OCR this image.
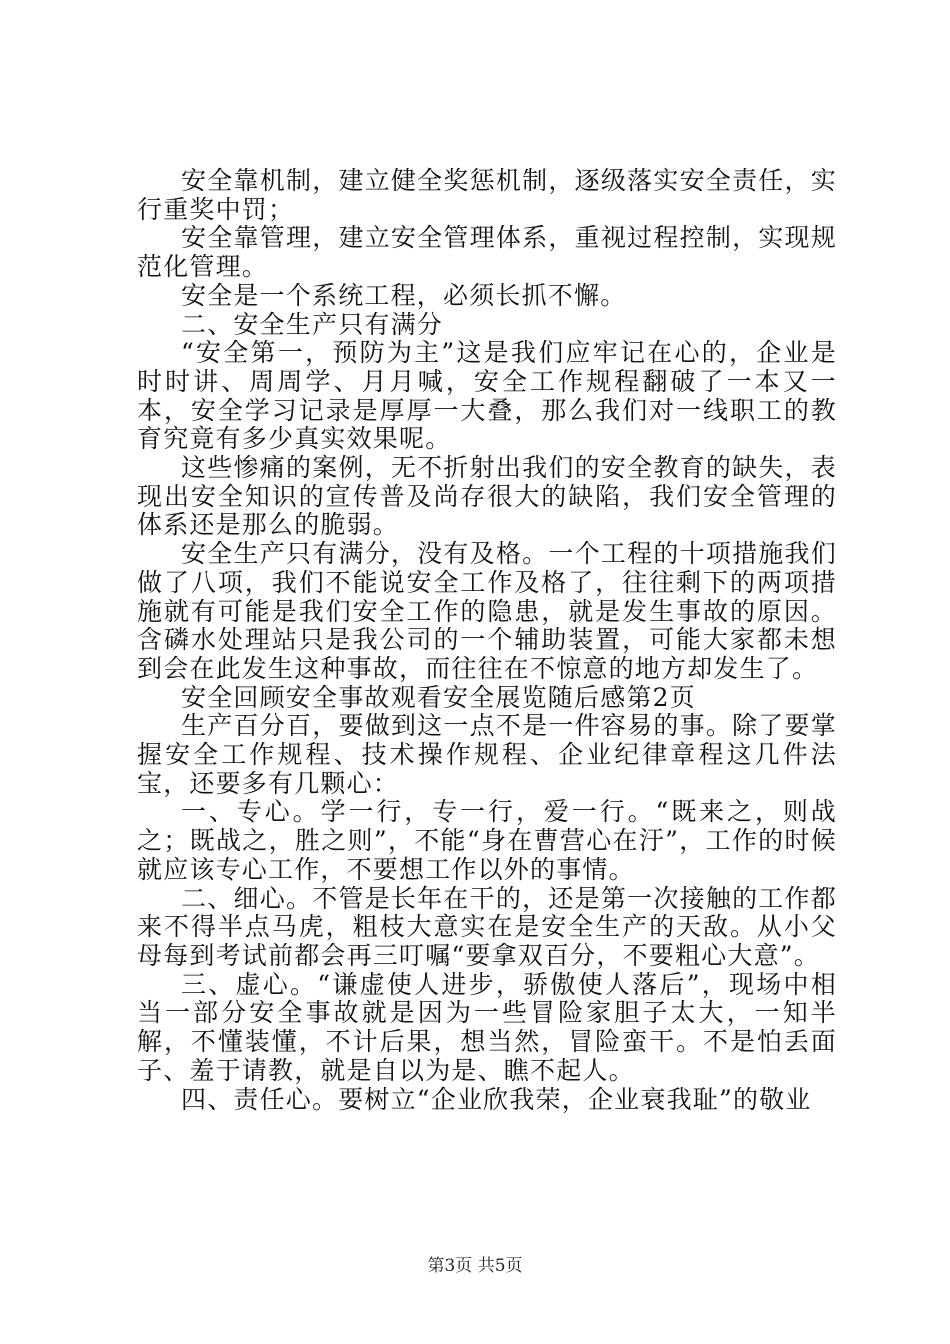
安全靠机制，建立健全奖惩机制，逐级落实安全责任，实行重奖中罚；

安全靠管理，建立安全管理体系，重视过程控制，实现规范化管理。

安全是一个系统工程，必须长抓不懈。

二、安全生产只有满分

“安全第一，预防为主”这是我们应牢记在心的，企业是时时讲、周周学、月月喊，安全工作规程翻破了一本又一本，安全学习记录是厚厚一大叠，那么我们对一线职工的教育究竟有多少真实效果呢。

这些惨痛的案例，无不折射出我们的安全教育的缺失，表现出安全知识的宣传普及尚存很大的缺陷，我们安全管理的体系还是那么的脆弱。

安全生产只有满分，没有及格。一个工程的十项措施我们做了八项，我们不能说安全工作及格了，往往剩下的两项措施就有可能是我们安全工作的隐患，就是发生事故的原因。含磷水处理站只是我公司的一个辅助装置，可能大家都未想到会在此发生这种事故，而往往在不惊意的地方却发生了。

安全回顾安全事故观看安全展览随后感第2页

生产百分百，要做到这一点不是一件容易的事。除了要掌握安全工作规程、技术操作规程、企业纪律章程这几件法宝，还要多有几颗心：

一、专心。学一行，专一行，爱一行。“既来之，则战之；既战之，胜之则”，不能“身在曹营心在汙”，工作的时候就应该专心工作，不要想工作以外的事情。

二、细心。不管是长年在干的，还是第一次接触的工作都来不得半点马虎，粗枝大意实在是安全生产的天敌。从小父母每到考试前都会再三叮嘱“要拿双百分，不要粗心大意”。

三、虚心。“谦虚使人进步，骄傲使人落后”，现场中相当一部分安全事故就是因为一些冒险家胆子太大，一知半解，不懂装懂，不计后果，想当然，冒险蛮干。不是怕丢面子、羞于请教，就是自以为是、瞧不起人。

四、责任心。要树立“企业欣我荣，企业衰我耻”的敬业

第3页 共5页
